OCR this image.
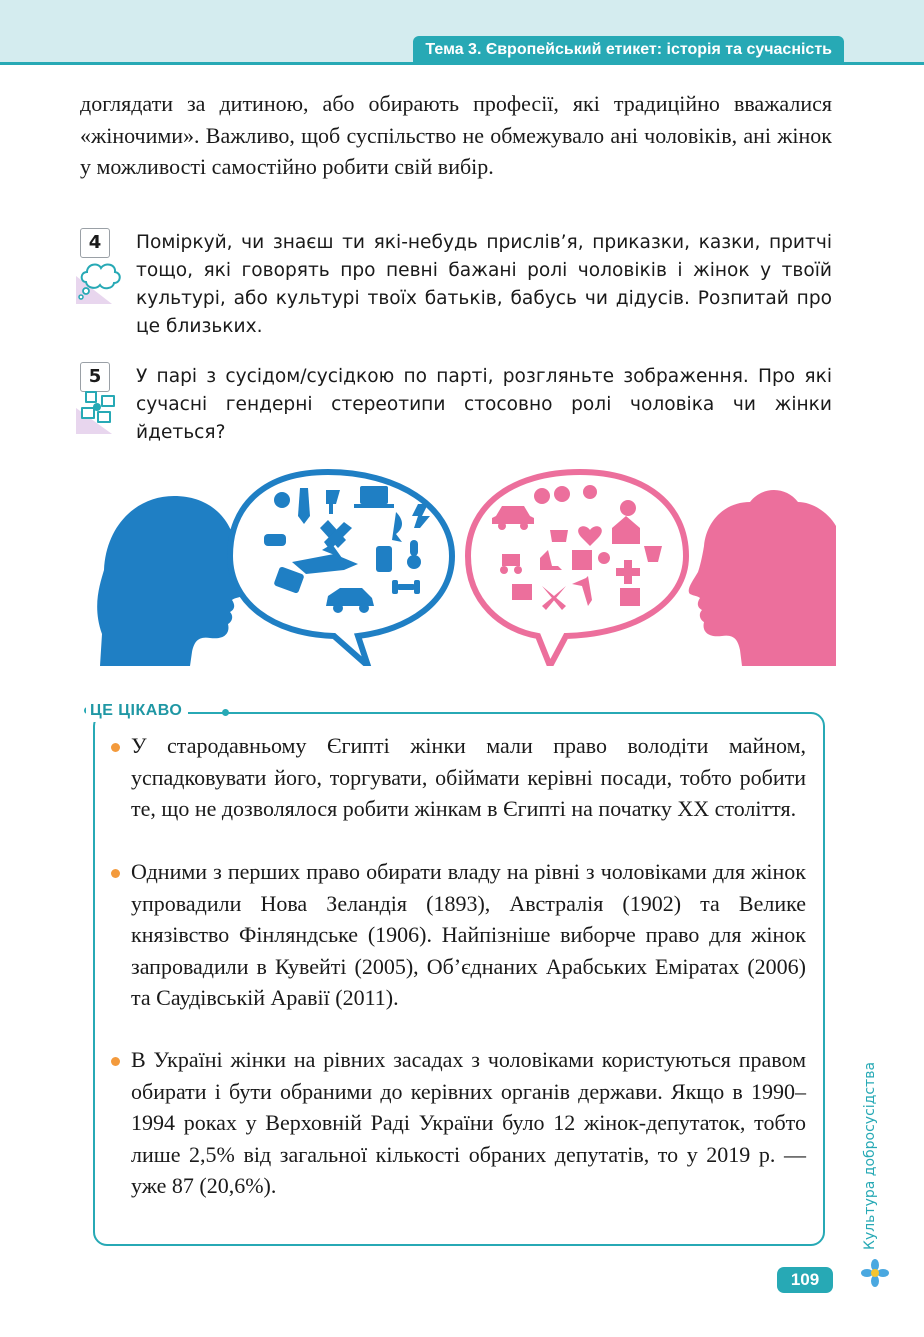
Тема 3. Європейський етикет: історія та сучасність

доглядати за дитиною, або обирають професії, які традиційно вважалися «жіночими». Важливо, щоб суспільство не обмежувало ані чоловіків, ані жінок у можливості самостійно робити свій вибір.

4	Поміркуй, чи знаєш ти які-небудь прислів’я, приказки, казки, притчі тощо, які говорять про певні бажані ролі чоловіків і жінок у твоїй культурі, або культурі твоїх батьків, бабусь чи дідусів. Розпитай про це близьких.

5	У парі з сусідом/сусідкою по парті, розгляньте зображення. Про які сучасні гендерні стереотипи стосовно ролі чоловіка чи жінки йдеться?

ЦЕ ЦІКАВО

У стародавньому Єгипті жінки мали право володіти майном, успадковувати його, торгувати, обіймати керівні посади, тобто робити те, що не дозволялося робити жінкам в Єгипті на початку XX століття.

Одними з перших право обирати владу на рівні з чоловіками для жінок упровадили Нова Зеландія (1893), Австралія (1902) та Велике князівство Фінляндське (1906). Найпізніше виборче право для жінок запровадили в Кувейті (2005), Об’єднаних Арабських Еміратах (2006) та Саудівській Аравії (2011).

В Україні жінки на рівних засадах з чоловіками користуються правом обирати і бути обраними до керівних органів держави. Якщо в 1990–1994 роках у Верховній Раді України було 12 жінок-депутаток, тобто лише 2,5% від загальної кількості обраних депутатів, то у 2019 р. — уже 87 (20,6%).	Культура добросусідства
109
